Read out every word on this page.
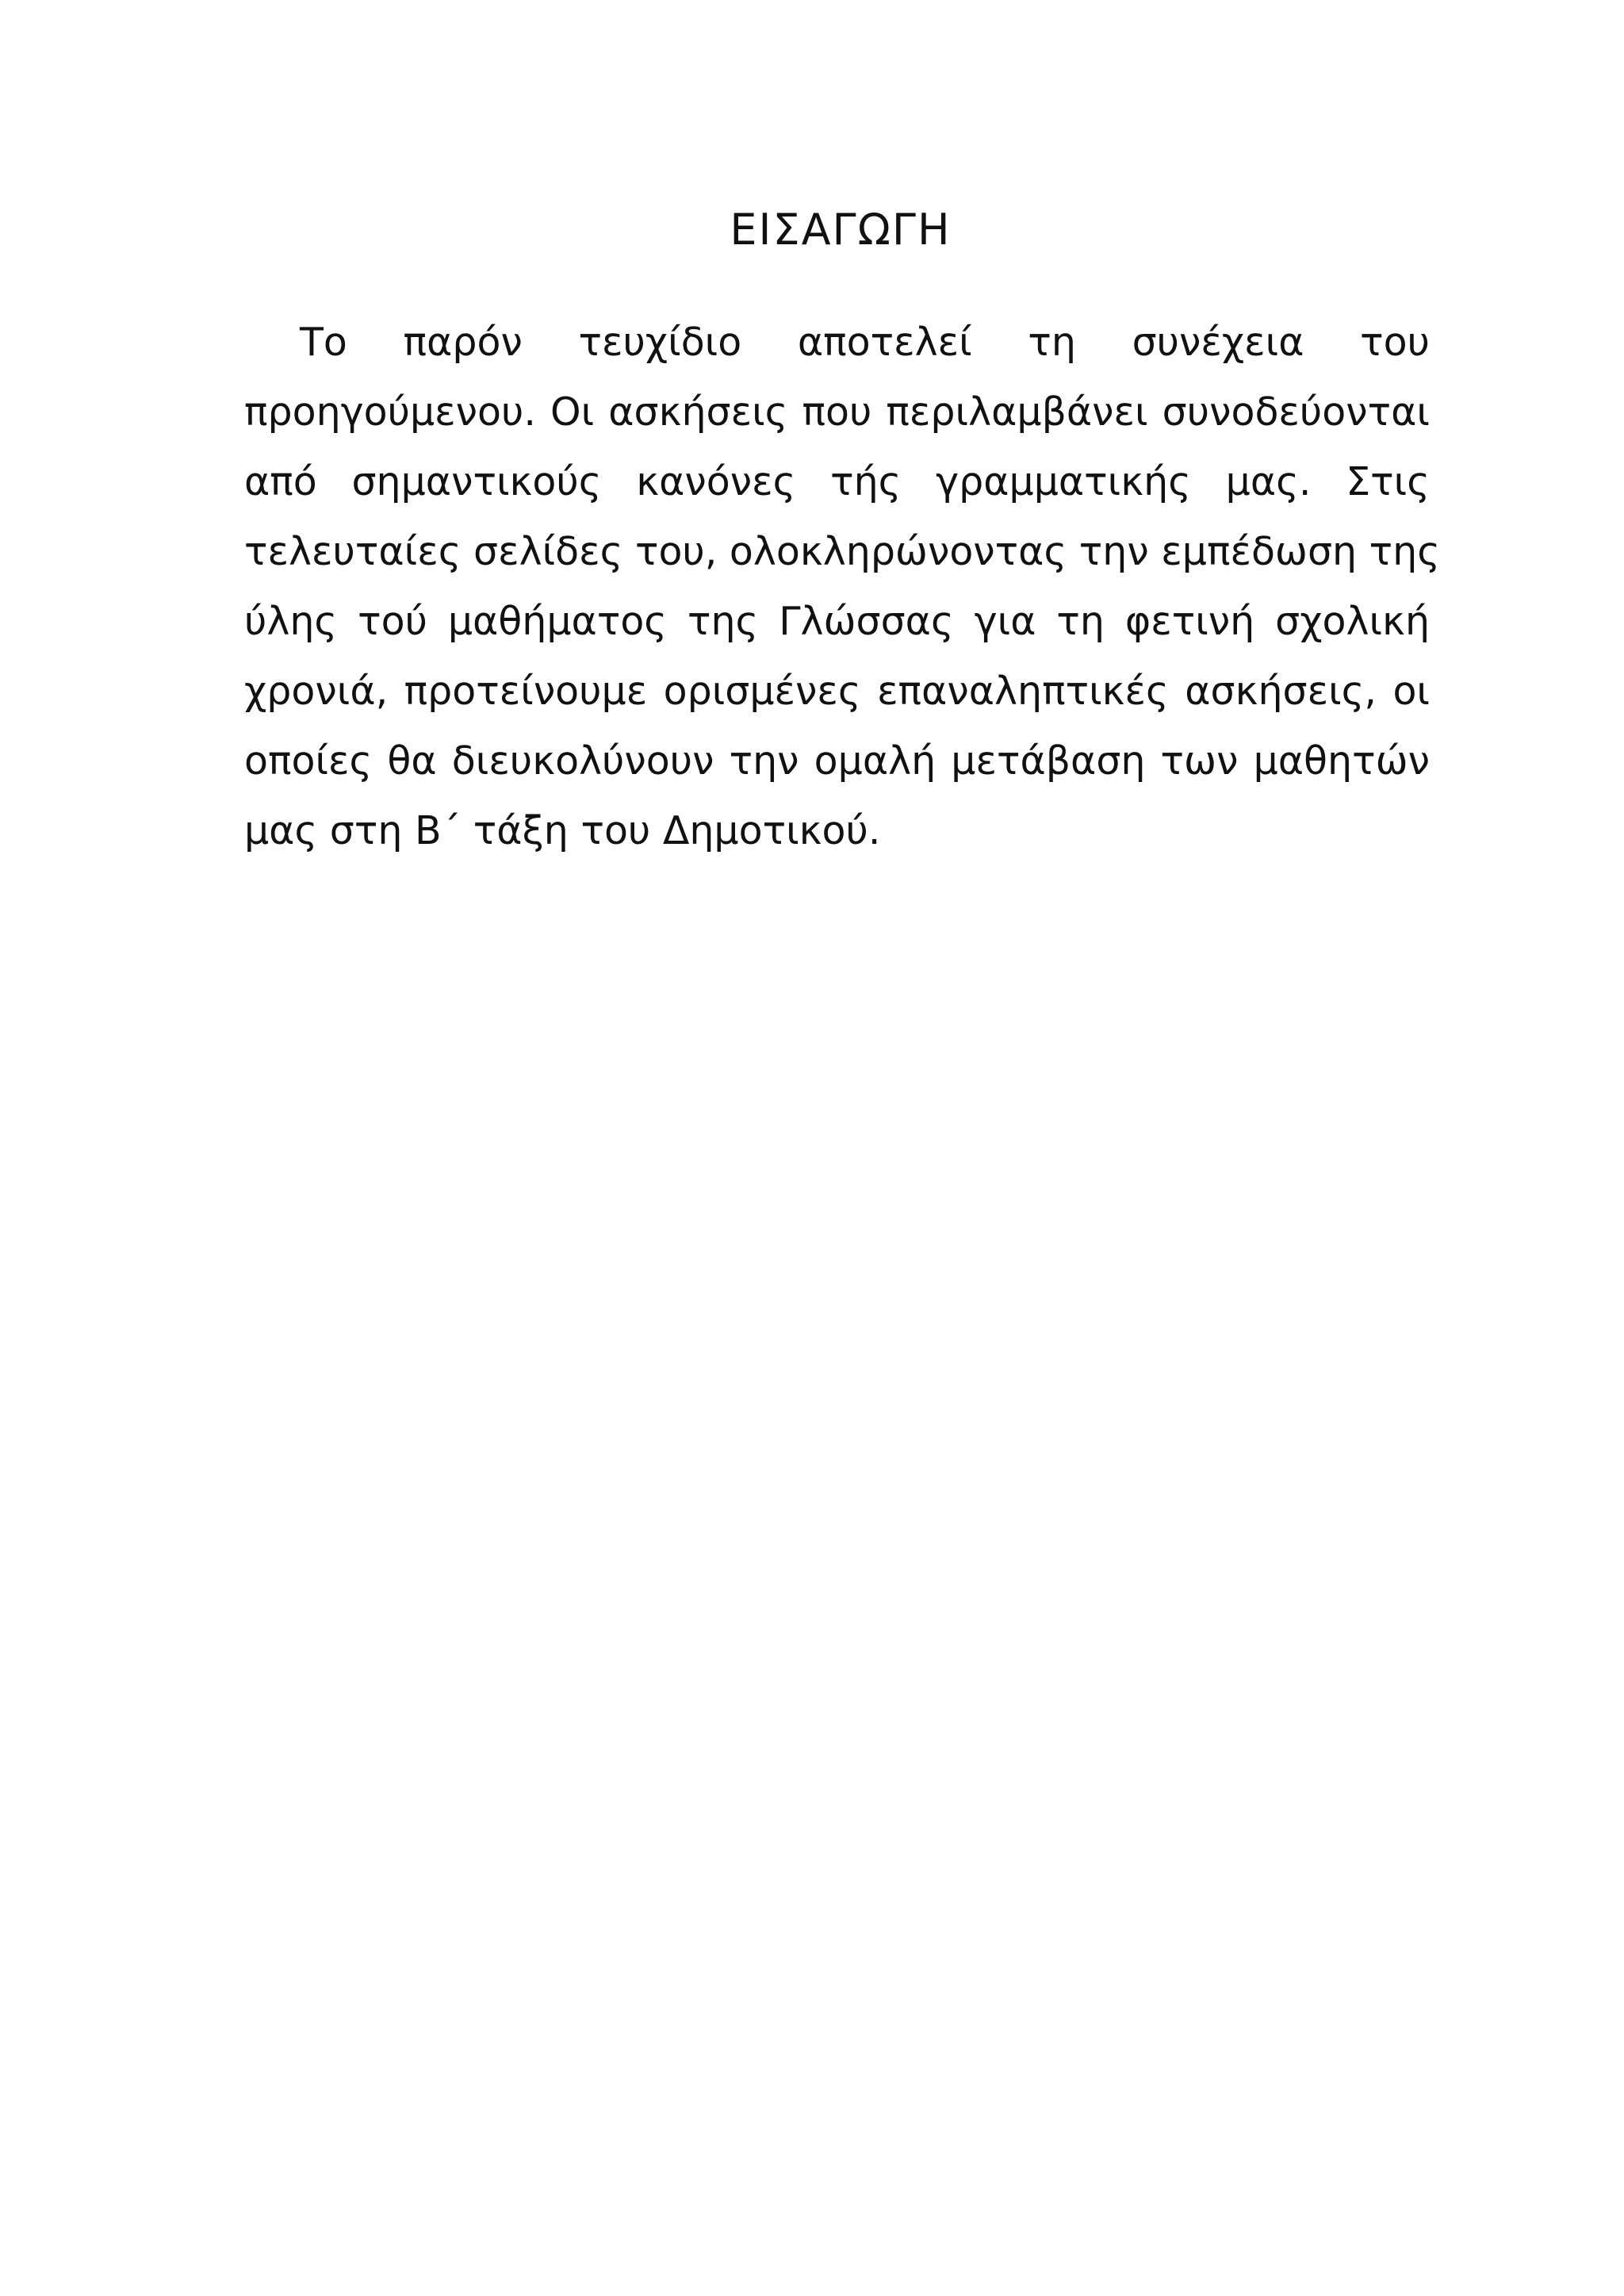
ΕΙΣΑΓΩΓΗ
Το παρόν τευχίδιο αποτελεί τη συνέχεια του
προηγούμενου. Οι ασκήσεις που περιλαμβάνει συνοδεύονται
από σημαντικούς κανόνες τής γραμματικής μας. Στις
τελευταίες σελίδες του, ολοκληρώνοντας την εμπέδωση της
ύλης τού μαθήματος της Γλώσσας για τη φετινή σχολική
χρονιά, προτείνουμε ορισμένες επαναληπτικές ασκήσεις, οι
οποίες θα διευκολύνουν την ομαλή μετάβαση των μαθητών
μας στη Β΄ τάξη του Δημοτικού.
